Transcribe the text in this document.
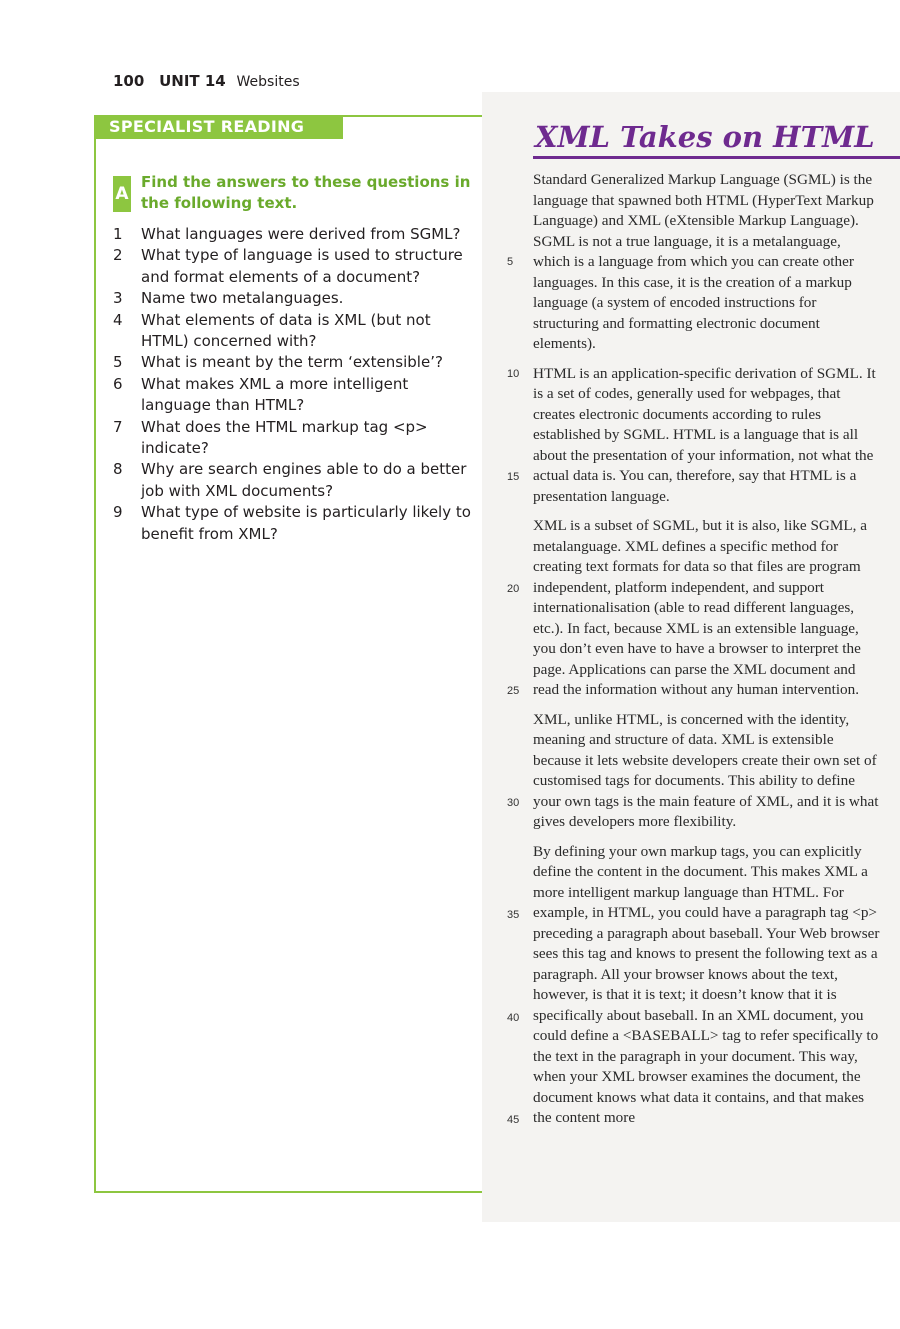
100 UNIT 14 Websites
SPECIALIST READING
A
Find the answers to these questions in the following text.
1 What languages were derived from SGML?
2 What type of language is used to structure and format elements of a document?
3 Name two metalanguages.
4 What elements of data is XML (but not HTML) concerned with?
5 What is meant by the term ‘extensible’?
6 What makes XML a more intelligent language than HTML?
7 What does the HTML markup tag <p> indicate?
8 Why are search engines able to do a better job with XML documents?
9 What type of website is particularly likely to benefit from XML?
XML Takes on HTML

Standard Generalized Markup Language (SGML) is the language that spawned both HTML (HyperText Markup Language) and XML (eXtensible Markup Language). SGML is not a true language, it is a metalanguage, which is a language from which you can create other languages. In this case, it is the creation of a markup language (a system of encoded instructions for structuring and formatting electronic document elements).

HTML is an application-specific derivation of SGML. It is a set of codes, generally used for webpages, that creates electronic documents according to rules established by SGML. HTML is a language that is all about the presentation of your information, not what the actual data is. You can, therefore, say that HTML is a presentation language.

XML is a subset of SGML, but it is also, like SGML, a metalanguage. XML defines a specific method for creating text formats for data so that files are program independent, platform independent, and support internationalisation (able to read different languages, etc.). In fact, because XML is an extensible language, you don’t even have to have a browser to interpret the page. Applications can parse the XML document and read the information without any human intervention.

XML, unlike HTML, is concerned with the identity, meaning and structure of data. XML is extensible because it lets website developers create their own set of customised tags for documents. This ability to define your own tags is the main feature of XML, and it is what gives developers more flexibility.

By defining your own markup tags, you can explicitly define the content in the document. This makes XML a more intelligent markup language than HTML. For example, in HTML, you could have a paragraph tag <p> preceding a paragraph about baseball. Your Web browser sees this tag and knows to present the following text as a paragraph. All your browser knows about the text, however, is that it is text; it doesn’t know that it is specifically about baseball. In an XML document, you could define a <BASEBALL> tag to refer specifically to the text in the paragraph in your document. This way, when your XML browser examines the document, the document knows what data it contains, and that makes the content more

5
10
15
20
25
30
35
40
45
